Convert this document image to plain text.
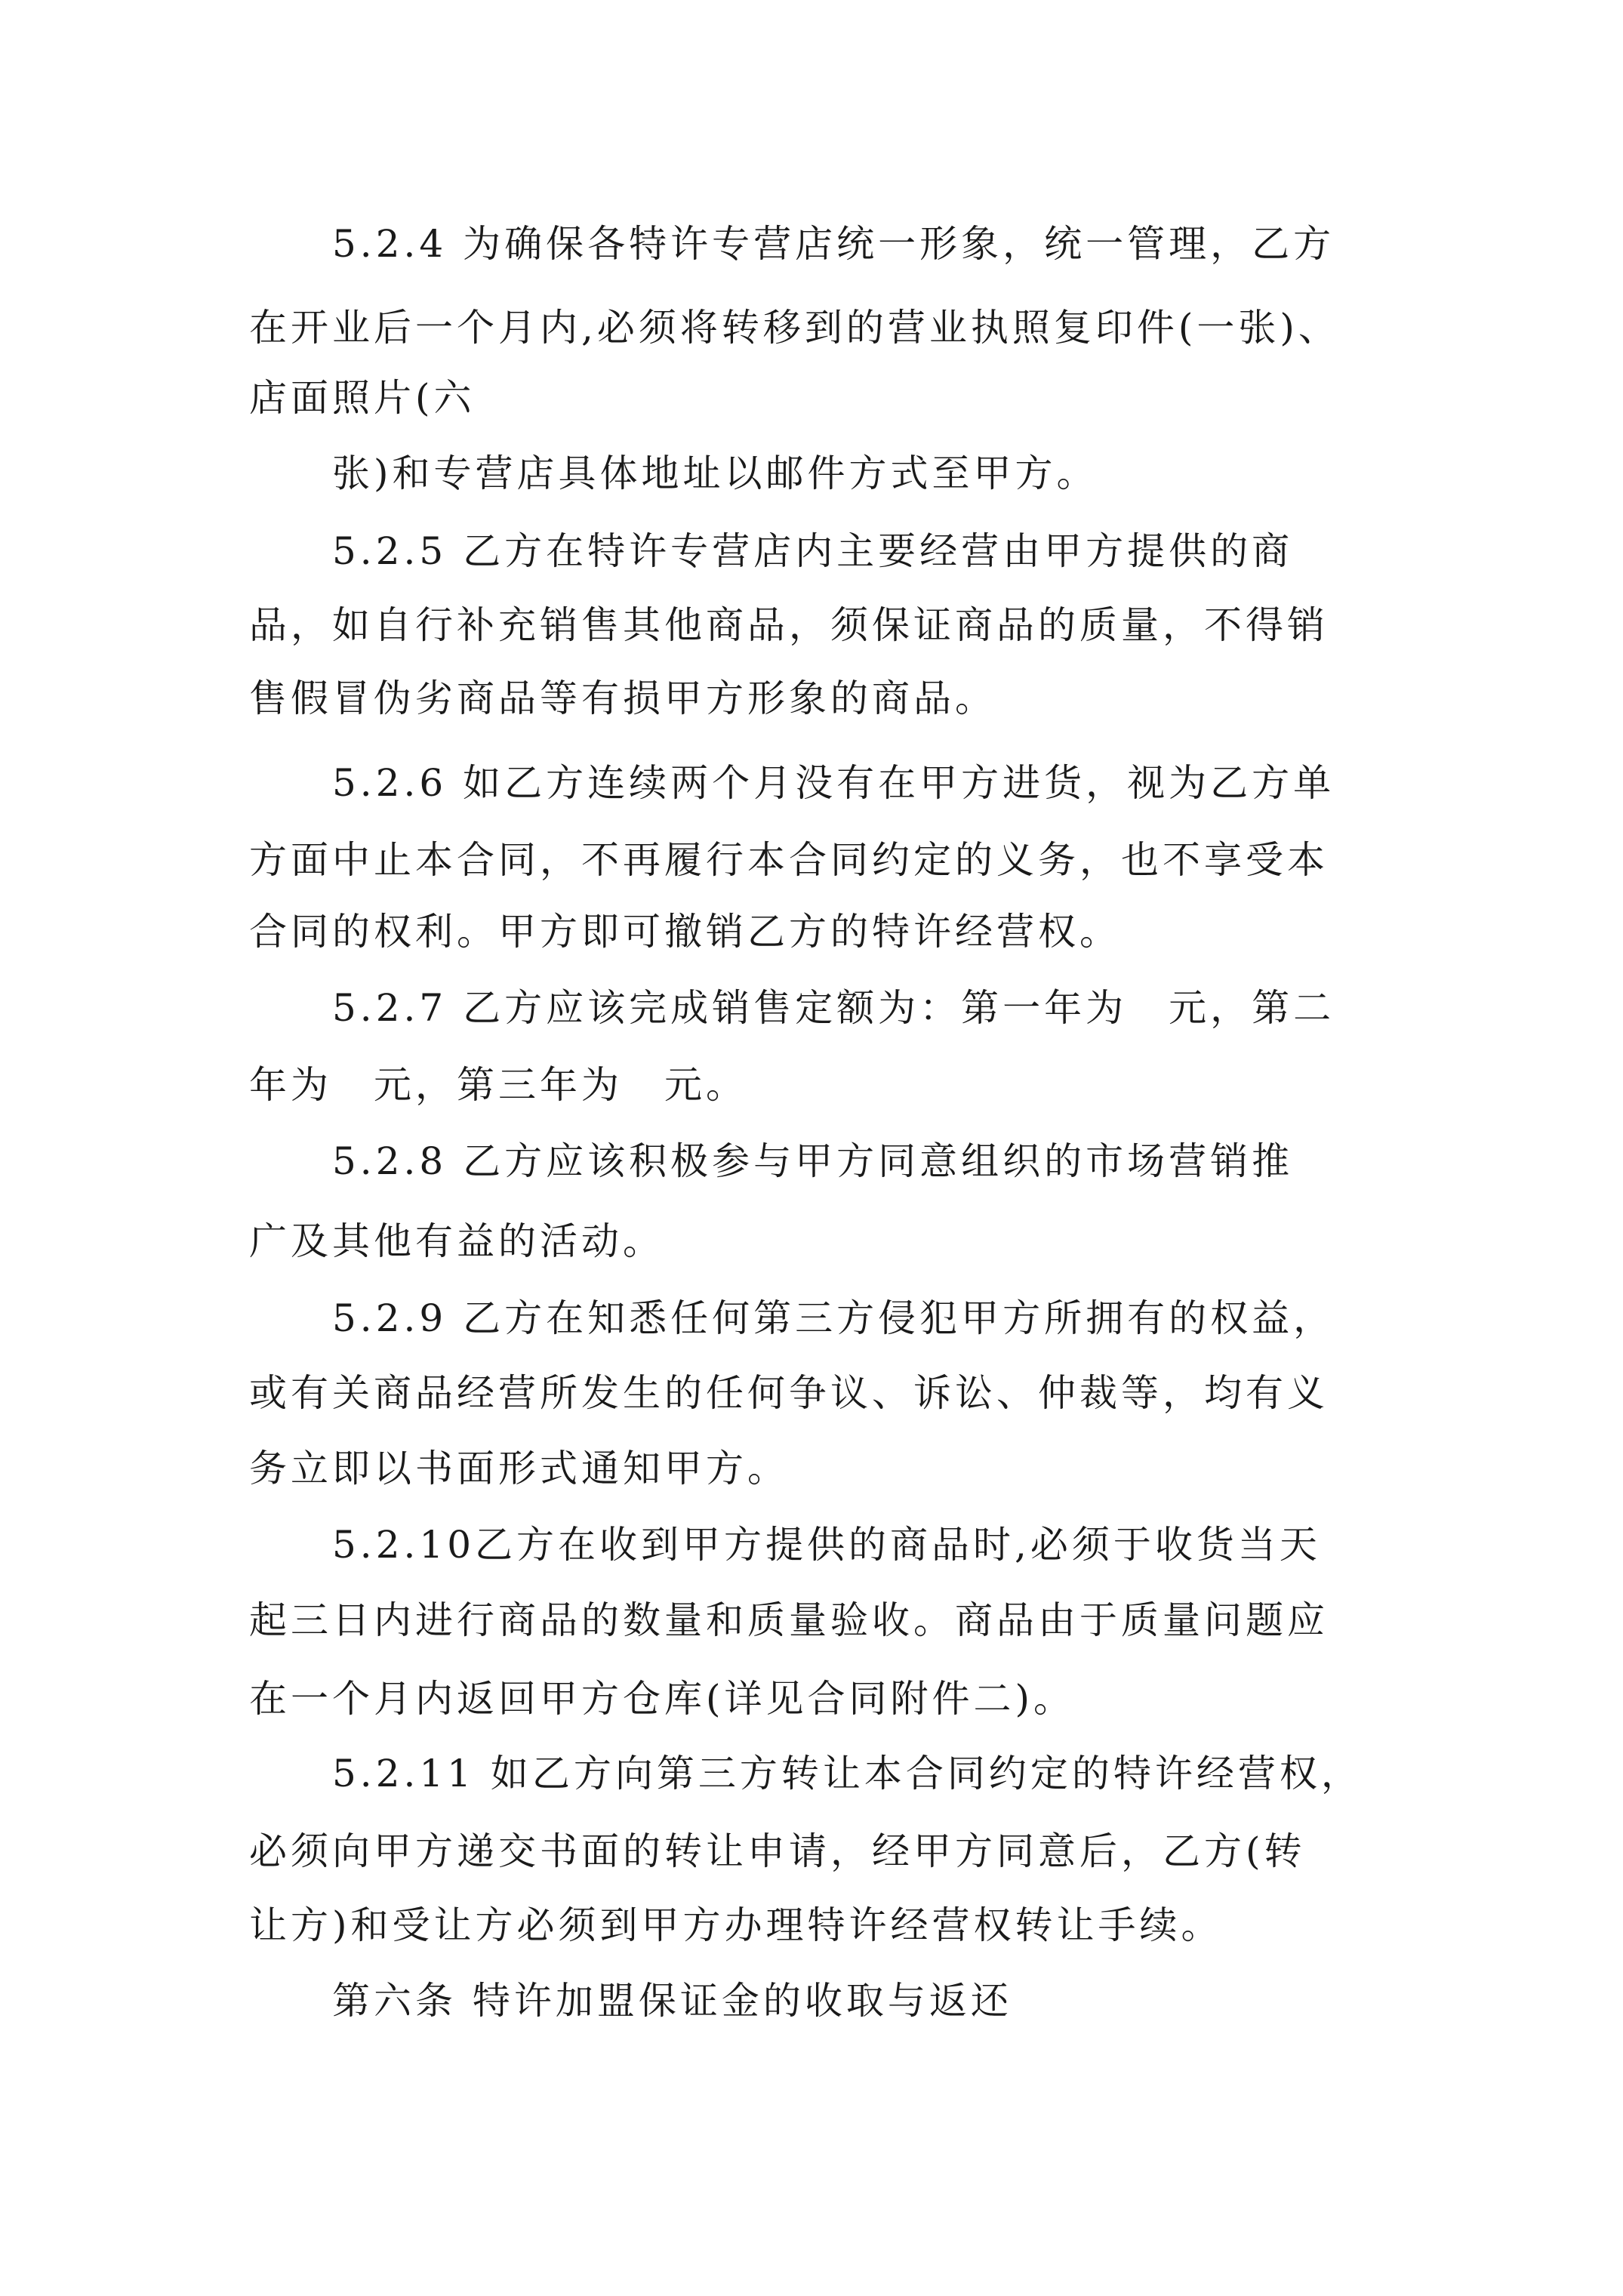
5.2.4 为确保各特许专营店统一形象，统一管理，乙方
在开业后一个月内,必须将转移到的营业执照复印件(一张)、
店面照片(六
张)和专营店具体地址以邮件方式至甲方。
5.2.5 乙方在特许专营店内主要经营由甲方提供的商
品，如自行补充销售其他商品，须保证商品的质量，不得销
售假冒伪劣商品等有损甲方形象的商品。
5.2.6 如乙方连续两个月没有在甲方进货，视为乙方单
方面中止本合同，不再履行本合同约定的义务，也不享受本
合同的权利。甲方即可撤销乙方的特许经营权。
5.2.7 乙方应该完成销售定额为：第一年为　元，第二
年为　元，第三年为　元。
5.2.8 乙方应该积极参与甲方同意组织的市场营销推
广及其他有益的活动。
5.2.9 乙方在知悉任何第三方侵犯甲方所拥有的权益，
或有关商品经营所发生的任何争议、诉讼、仲裁等，均有义
务立即以书面形式通知甲方。
5.2.10乙方在收到甲方提供的商品时,必须于收货当天
起三日内进行商品的数量和质量验收。商品由于质量问题应
在一个月内返回甲方仓库(详见合同附件二)。
5.2.11 如乙方向第三方转让本合同约定的特许经营权，
必须向甲方递交书面的转让申请，经甲方同意后，乙方(转
让方)和受让方必须到甲方办理特许经营权转让手续。
第六条 特许加盟保证金的收取与返还
